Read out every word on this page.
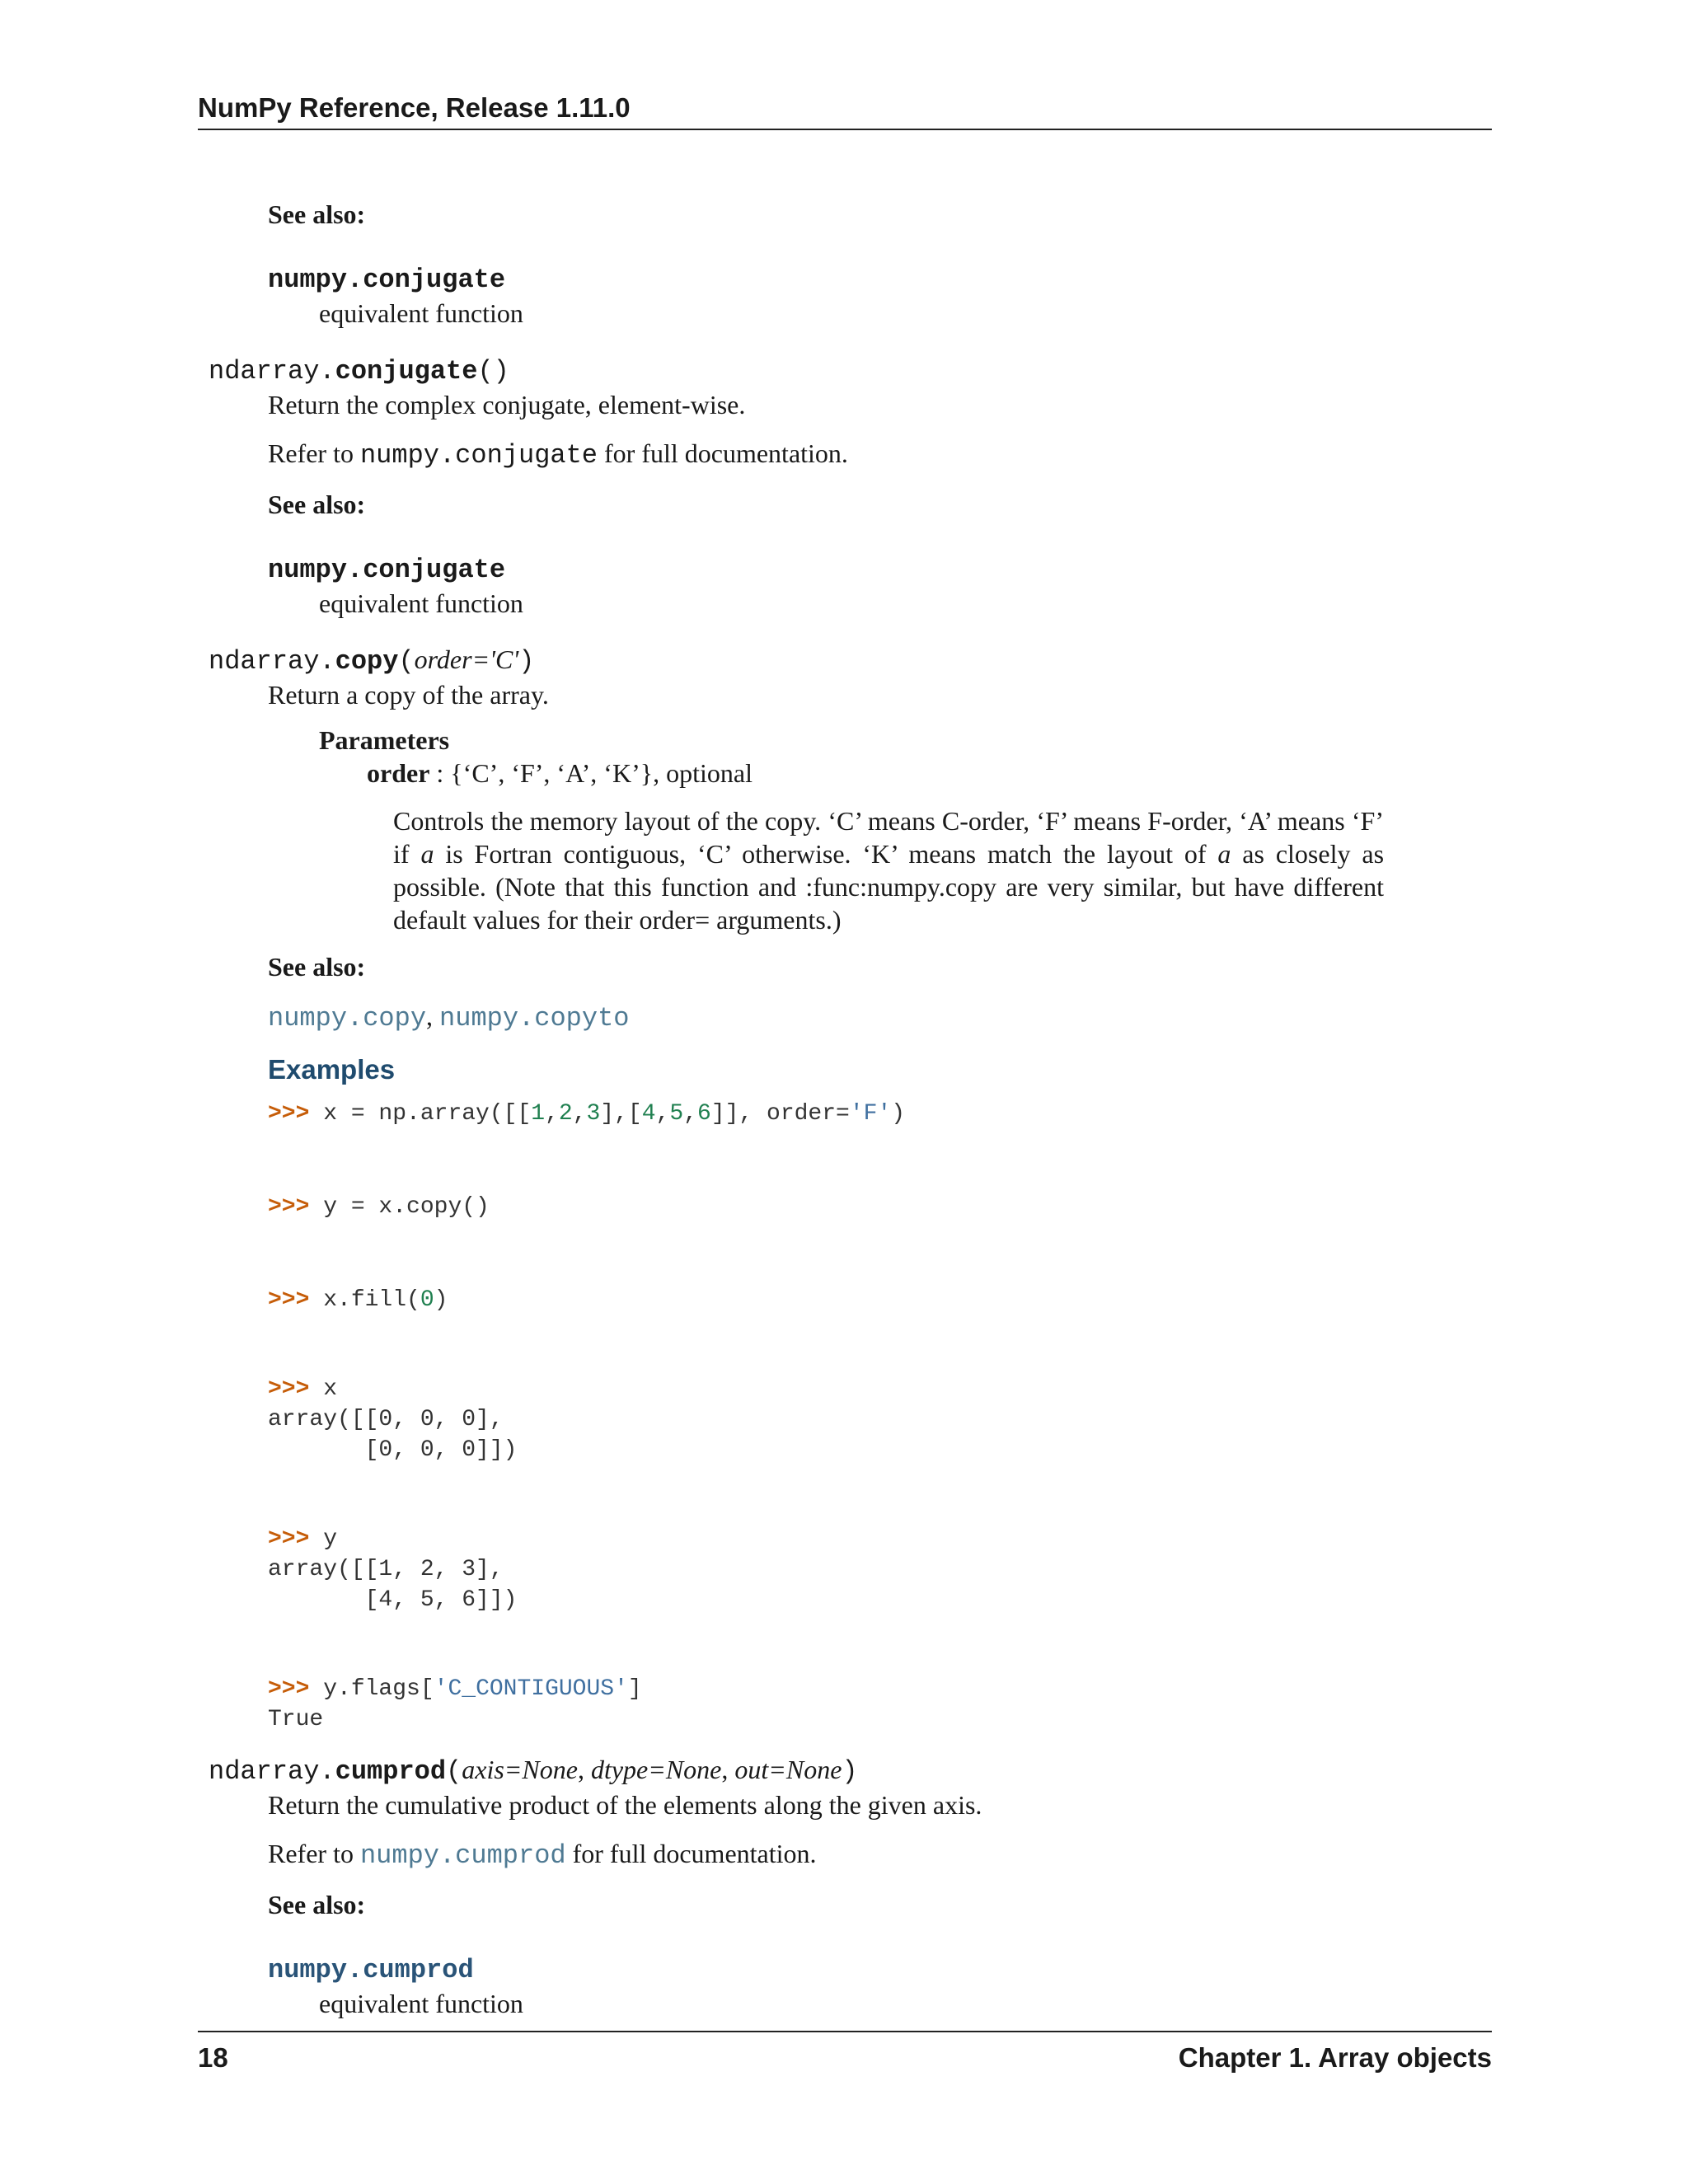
NumPy Reference, Release 1.11.0

See also:

numpy.conjugate

equivalent function

ndarray.conjugate()

Return the complex conjugate, element-wise.

Refer to numpy.conjugate for full documentation.

See also:

numpy.conjugate

equivalent function

ndarray.copy(order='C')

Return a copy of the array.

Parameters

order : {‘C’, ‘F’, ‘A’, ‘K’}, optional

Controls the memory layout of the copy. ‘C’ means C-order, ‘F’ means F-order, ‘A’ means ‘F’ if a is Fortran contiguous, ‘C’ otherwise. ‘K’ means match the layout of a as closely as possible. (Note that this function and :func:numpy.copy are very similar, but have different default values for their order= arguments.)

See also:

numpy.copy, numpy.copyto

Examples

>>> x = np.array([[1,2,3],[4,5,6]], order='F')

>>> y = x.copy()

>>> x.fill(0)

>>> x
array([[0, 0, 0],
[0, 0, 0]])

>>> y
array([[1, 2, 3],
[4, 5, 6]])

>>> y.flags['C_CONTIGUOUS']
True

ndarray.cumprod(axis=None, dtype=None, out=None)

Return the cumulative product of the elements along the given axis.

Refer to numpy.cumprod for full documentation.

See also:

numpy.cumprod

equivalent function

18	Chapter 1. Array objects
